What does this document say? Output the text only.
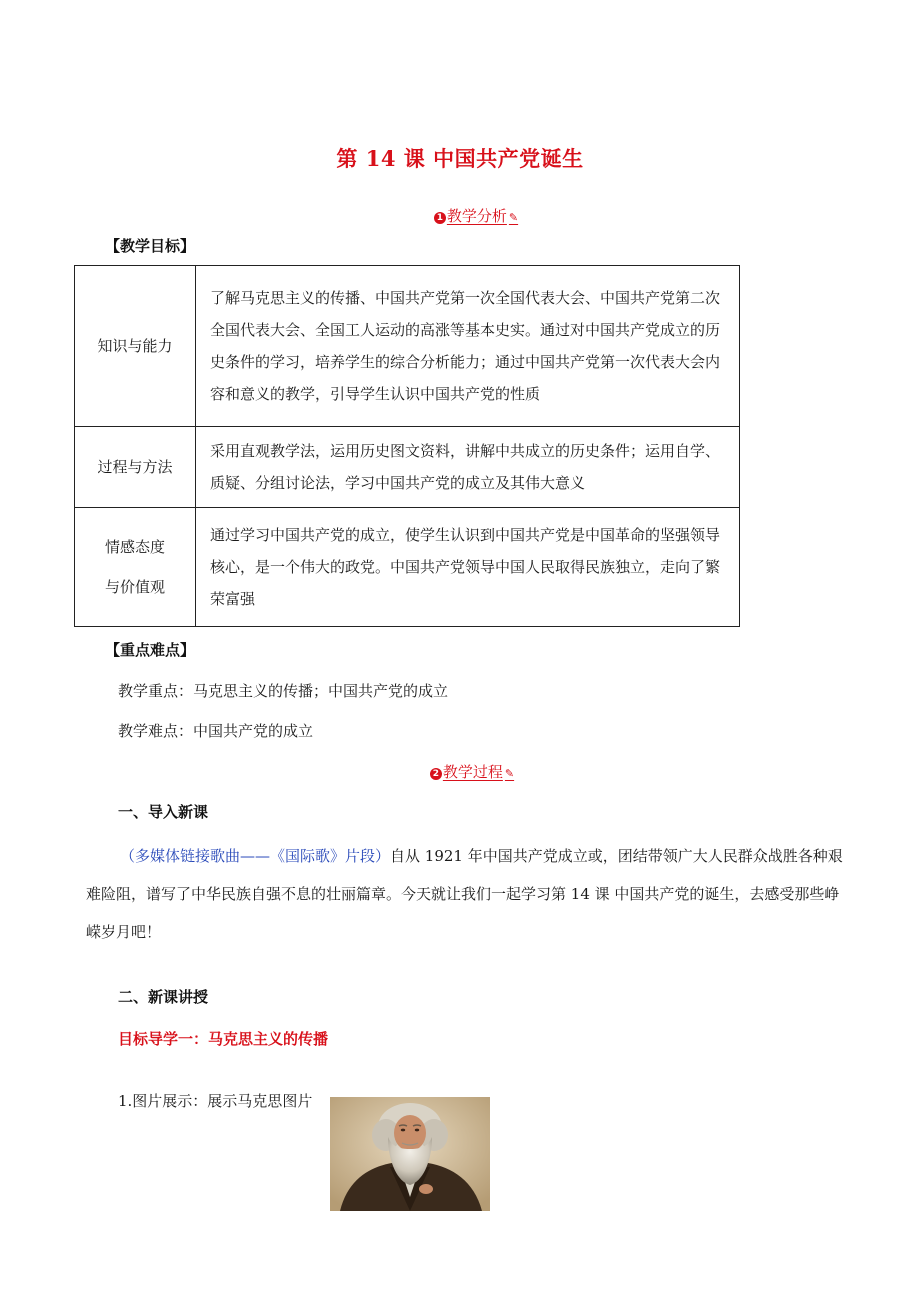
第 14 课 中国共产党诞生
1 教学分析 ✎
【教学目标】
知识与能力	了解马克思主义的传播、中国共产党第一次全国代表大会、中国共产党第二次全国代表大会、全国工人运动的高涨等基本史实。通过对中国共产党成立的历史条件的学习，培养学生的综合分析能力；通过中国共产党第一次代表大会内容和意义的教学，引导学生认识中国共产党的性质
过程与方法	采用直观教学法，运用历史图文资料，讲解中共成立的历史条件；运用自学、质疑、分组讨论法，学习中国共产党的成立及其伟大意义

情感态度
与价值观	通过学习中国共产党的成立，使学生认识到中国共产党是中国革命的坚强领导核心，是一个伟大的政党。中国共产党领导中国人民取得民族独立，走向了繁荣富强
【重点难点】
教学重点：马克思主义的传播；中国共产党的成立
教学难点：中国共产党的成立
2 教学过程 ✎
一、导入新课
（多媒体链接歌曲——《国际歌》片段）自从 1921 年中国共产党成立或，团结带领广大人民群众战胜各种艰难险阻，谱写了中华民族自强不息的壮丽篇章。今天就让我们一起学习第 14 课 中国共产党的诞生，去感受那些峥嵘岁月吧！
二、新课讲授
目标导学一：马克思主义的传播
1.图片展示：展示马克思图片
